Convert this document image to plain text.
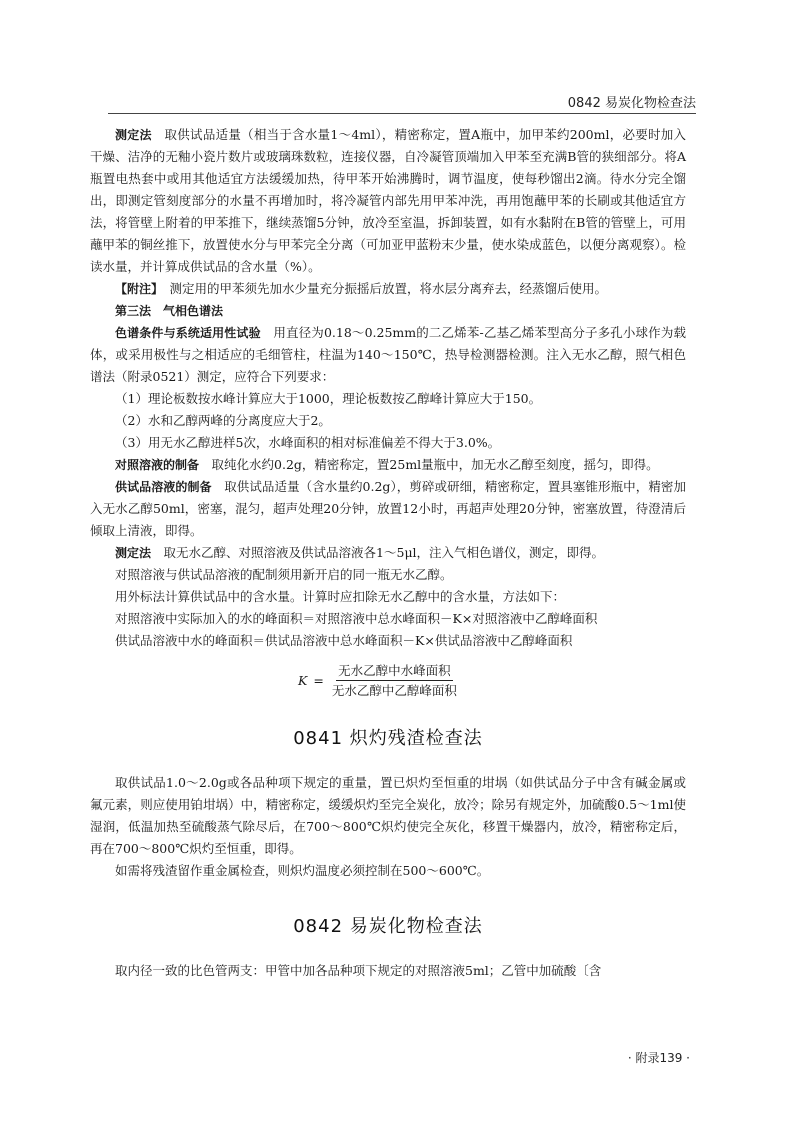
0842 易炭化物检查法

测定法　 取供试品适量（相当于含水量1～4ml），精密称定，置A瓶中，加甲苯约200ml，必要时加入干燥、洁净的无釉小瓷片数片或玻璃珠数粒，连接仪器，自冷凝管顶端加入甲苯至充满B管的狭细部分。将A瓶置电热套中或用其他适宜方法缓缓加热，待甲苯开始沸腾时，调节温度，使每秒馏出2滴。待水分完全馏出，即测定管刻度部分的水量不再增加时，将冷凝管内部先用甲苯冲洗，再用饱蘸甲苯的长刷或其他适宜方法，将管壁上附着的甲苯推下，继续蒸馏5分钟，放冷至室温，拆卸装置，如有水黏附在B管的管壁上，可用蘸甲苯的铜丝推下，放置使水分与甲苯完全分离（可加亚甲蓝粉末少量，使水染成蓝色，以便分离观察）。检读水量，并计算成供试品的含水量（%）。

【附注】　 测定用的甲苯须先加水少量充分振摇后放置，将水层分离弃去，经蒸馏后使用。

第三法　气相色谱法

色谱条件与系统适用性试验　 用直径为0.18～0.25mm的二乙烯苯-乙基乙烯苯型高分子多孔小球作为载体，或采用极性与之相适应的毛细管柱，柱温为140～150℃，热导检测器检测。注入无水乙醇，照气相色谱法（附录0521）测定，应符合下列要求：

（1）理论板数按水峰计算应大于1000，理论板数按乙醇峰计算应大于150。

（2）水和乙醇两峰的分离度应大于2。

（3）用无水乙醇进样5次，水峰面积的相对标准偏差不得大于3.0%。

对照溶液的制备　 取纯化水约0.2g，精密称定，置25ml量瓶中，加无水乙醇至刻度，摇匀，即得。

供试品溶液的制备　 取供试品适量（含水量约0.2g），剪碎或研细，精密称定，置具塞锥形瓶中，精密加入无水乙醇50ml，密塞，混匀，超声处理20分钟，放置12小时，再超声处理20分钟，密塞放置，待澄清后倾取上清液，即得。

测定法　 取无水乙醇、对照溶液及供试品溶液各1～5μl，注入气相色谱仪，测定，即得。

对照溶液与供试品溶液的配制须用新开启的同一瓶无水乙醇。

用外标法计算供试品中的含水量。计算时应扣除无水乙醇中的含水量，方法如下：

对照溶液中实际加入的水的峰面积＝对照溶液中总水峰面积－K×对照溶液中乙醇峰面积

供试品溶液中水的峰面积＝供试品溶液中总水峰面积－K×供试品溶液中乙醇峰面积

$K = \frac{\text{无水乙醇中水峰面积}}{\text{无水乙醇中乙醇峰面积}}$
0841 炽灼残渣检查法

取供试品1.0～2.0g或各品种项下规定的重量，置已炽灼至恒重的坩埚（如供试品分子中含有碱金属或氟元素，则应使用铂坩埚）中，精密称定，缓缓炽灼至完全炭化，放冷；除另有规定外，加硫酸0.5～1ml使湿润，低温加热至硫酸蒸气除尽后，在700～800℃炽灼使完全灰化，移置干燥器内，放冷，精密称定后，再在700～800℃炽灼至恒重，即得。

如需将残渣留作重金属检查，则炽灼温度必须控制在500～600℃。

0842 易炭化物检查法

取内径一致的比色管两支：甲管中加各品种项下规定的对照溶液5ml；乙管中加硫酸〔含

· 附录139 ·
